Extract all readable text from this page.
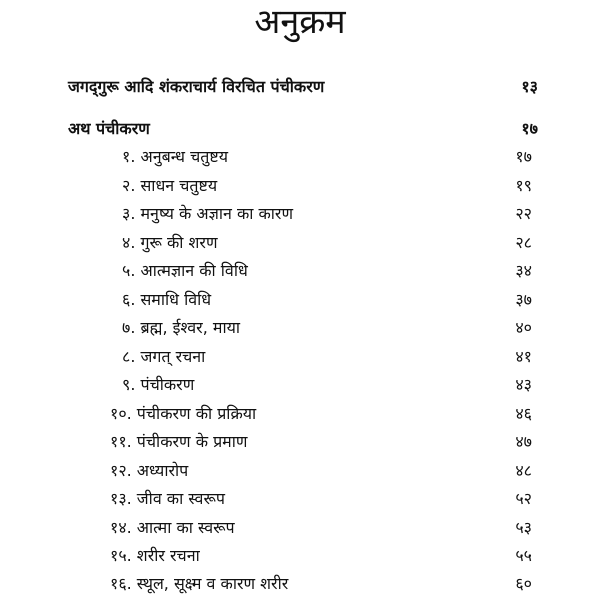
अनुक्रम
जगद्‌गुरू आदि शंकराचार्य विरचित पंचीकरण	१३
अथ पंचीकरण	१७
१. अनुबन्ध चतुष्टय	१७
२. साधन चतुष्टय	१९
३. मनुष्य के अज्ञान का कारण	२२
४. गुरू की शरण	२८
५. आत्मज्ञान की विधि	३४
६. समाधि विधि	३७
७. ब्रह्म, ईश्वर, माया	४०
८. जगत् रचना	४१
९. पंचीकरण	४३
१०. पंचीकरण की प्रक्रिया	४६
११. पंचीकरण के प्रमाण	४७
१२. अध्यारोप	४८
१३. जीव का स्वरूप	५२
१४. आत्मा का स्वरूप	५३
१५. शरीर रचना	५५
१६. स्थूल, सूक्ष्म व कारण शरीर	६०
